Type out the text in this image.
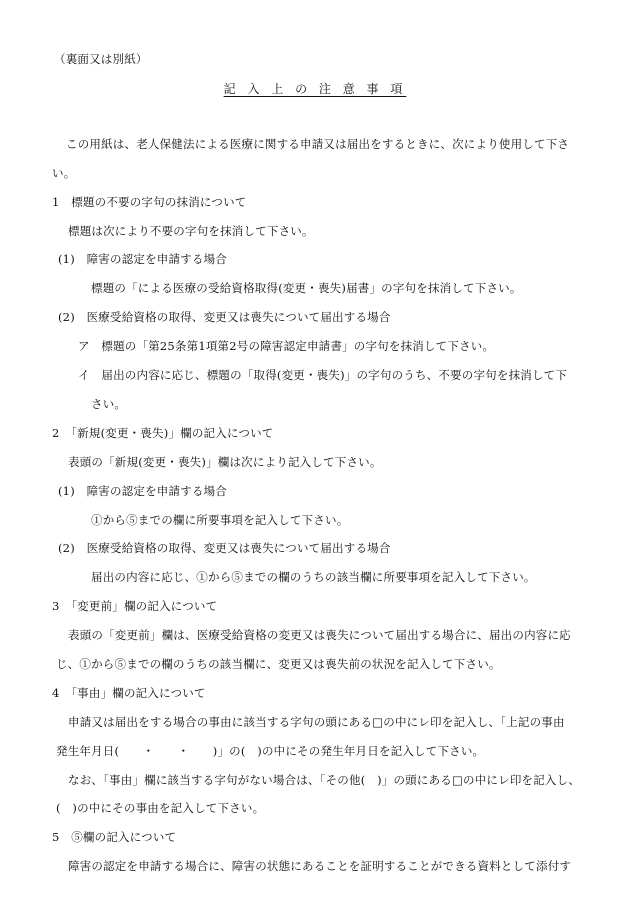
（裏面又は別紙）
記 入 上 の 注 意 事 項
この用紙は、老人保健法による医療に関する申請又は届出をするときに、次により使用して下さ
い。
1　標題の不要の字句の抹消について
標題は次により不要の字句を抹消して下さい。
(1)　障害の認定を申請する場合
標題の「による医療の受給資格取得(変更・喪失)届書」の字句を抹消して下さい。
(2)　医療受給資格の取得、変更又は喪失について届出する場合
ア　標題の「第25条第1項第2号の障害認定申請書」の字句を抹消して下さい。
イ　届出の内容に応じ、標題の「取得(変更・喪失)」の字句のうち、不要の字句を抹消して下
さい。
2　「新規(変更・喪失)」欄の記入について
表頭の「新規(変更・喪失)」欄は次により記入して下さい。
(1)　障害の認定を申請する場合
①から⑤までの欄に所要事項を記入して下さい。
(2)　医療受給資格の取得、変更又は喪失について届出する場合
届出の内容に応じ、①から⑤までの欄のうちの該当欄に所要事項を記入して下さい。
3　「変更前」欄の記入について
表頭の「変更前」欄は、医療受給資格の変更又は喪失について届出する場合に、届出の内容に応
じ、①から⑤までの欄のうちの該当欄に、変更又は喪失前の状況を記入して下さい。
4　「事由」欄の記入について
申請又は届出をする場合の事由に該当する字句の頭にある□の中にレ印を記入し、「上記の事由
発生年月日(　　・　　・　　)」の(　)の中にその発生年月日を記入して下さい。
なお、「事由」欄に該当する字句がない場合は、「その他(　)」の頭にある□の中にレ印を記入し、
(　)の中にその事由を記入して下さい。
5　⑤欄の記入について
障害の認定を申請する場合に、障害の状態にあることを証明することができる資料として添付す
